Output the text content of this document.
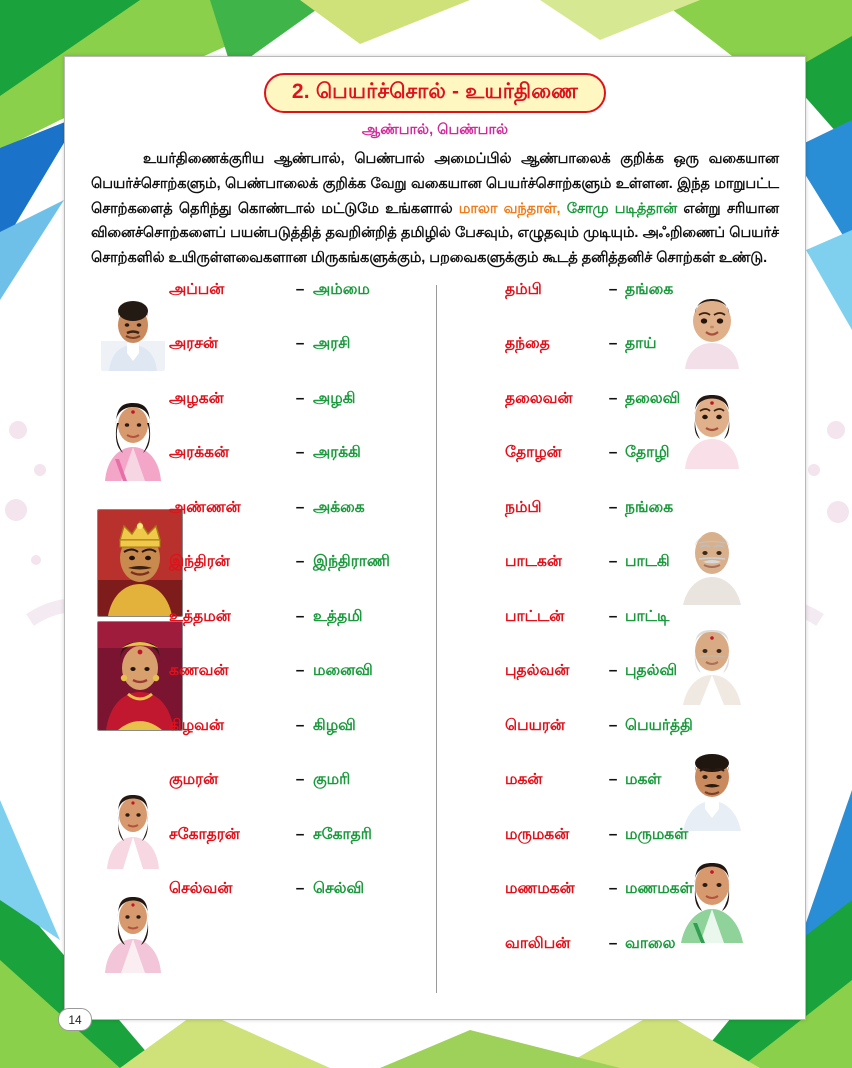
2. பெயர்ச்சொல் - உயர்திணை
ஆண்பால், பெண்பால்

உயர்திணைக்குரிய ஆண்பால், பெண்பால் அமைப்பில் ஆண்பாலைக் குறிக்க ஒரு வகையான பெயர்ச்சொற்களும், பெண்பாலைக் குறிக்க வேறு வகையான பெயர்ச்சொற்களும் உள்ளன. இந்த மாறுபட்ட சொற்களைத் தெரிந்து கொண்டால் மட்டுமே உங்களால் மாலா வந்தாள், சோமு படித்தான் என்று சரியான வினைச்சொற்களைப் பயன்படுத்தித் தவறின்றித் தமிழில் பேசவும், எழுதவும் முடியும். அஃறிணைப் பெயர்ச் சொற்களில் உயிருள்ளவைகளான மிருகங்களுக்கும், பறவைகளுக்கும் கூடத் தனித்தனிச் சொற்கள் உண்டு.

அப்பன்	– அம்மை
அரசன்	– அரசி
அழகன்	– அழகி
அரக்கன்	– அரக்கி
அண்ணன்	– அக்கை
இந்திரன்	– இந்திராணி
உத்தமன்	– உத்தமி
கணவன்	– மனைவி
கிழவன்	– கிழவி
குமரன்	– குமரி
சகோதரன்	– சகோதரி
செல்வன்	– செல்வி
தம்பி	– தங்கை
தந்தை	– தாய்
தலைவன்	– தலைவி
தோழன்	– தோழி
நம்பி	– நங்கை
பாடகன்	– பாடகி
பாட்டன்	– பாட்டி
புதல்வன்	– புதல்வி
பெயரன்	– பெயர்த்தி
மகன்	– மகள்
மருமகன்	– மருமகள்
மணமகன்	– மணமகள்
வாலிபன்	– வாலை
14
